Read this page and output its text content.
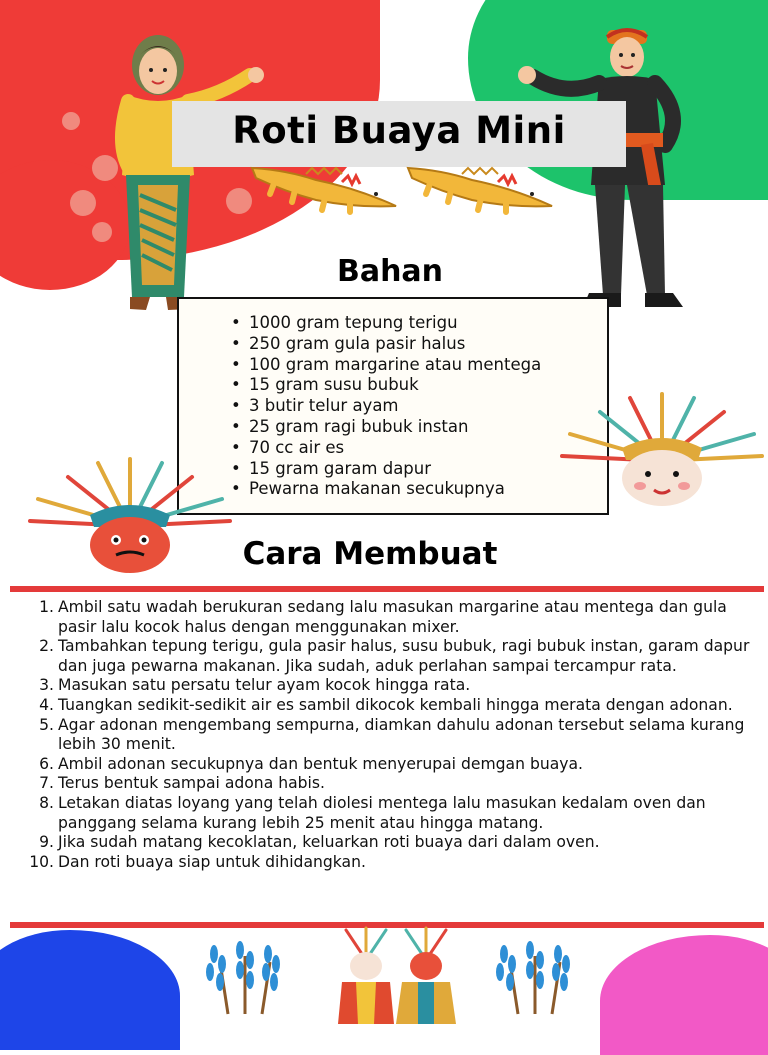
Roti Buaya Mini
Bahan
• 1000 gram tepung terigu
• 250 gram gula pasir halus
• 100 gram margarine atau mentega
• 15 gram susu bubuk
• 3 butir telur ayam
• 25 gram ragi bubuk instan
• 70 cc air es
• 15 gram garam dapur
• Pewarna makanan secukupnya
Cara Membuat
1. Ambil satu wadah berukuran sedang lalu masukan margarine atau mentega dan gula pasir lalu kocok halus dengan menggunakan mixer.
2. Tambahkan tepung terigu, gula pasir halus, susu bubuk, ragi bubuk instan, garam dapur dan juga pewarna makanan. Jika sudah, aduk perlahan sampai tercampur rata.
3. Masukan satu persatu telur ayam kocok hingga rata.
4. Tuangkan sedikit-sedikit air es sambil dikocok kembali hingga merata dengan adonan.
5. Agar adonan mengembang sempurna, diamkan dahulu adonan tersebut selama kurang lebih 30 menit.
6. Ambil adonan secukupnya dan bentuk menyerupai demgan buaya.
7. Terus bentuk sampai adona habis.
8. Letakan diatas loyang yang telah diolesi mentega lalu masukan kedalam oven dan panggang selama kurang lebih 25 menit atau hingga matang.
9. Jika sudah matang kecoklatan, keluarkan roti buaya dari dalam oven.
10. Dan roti buaya siap untuk dihidangkan.
